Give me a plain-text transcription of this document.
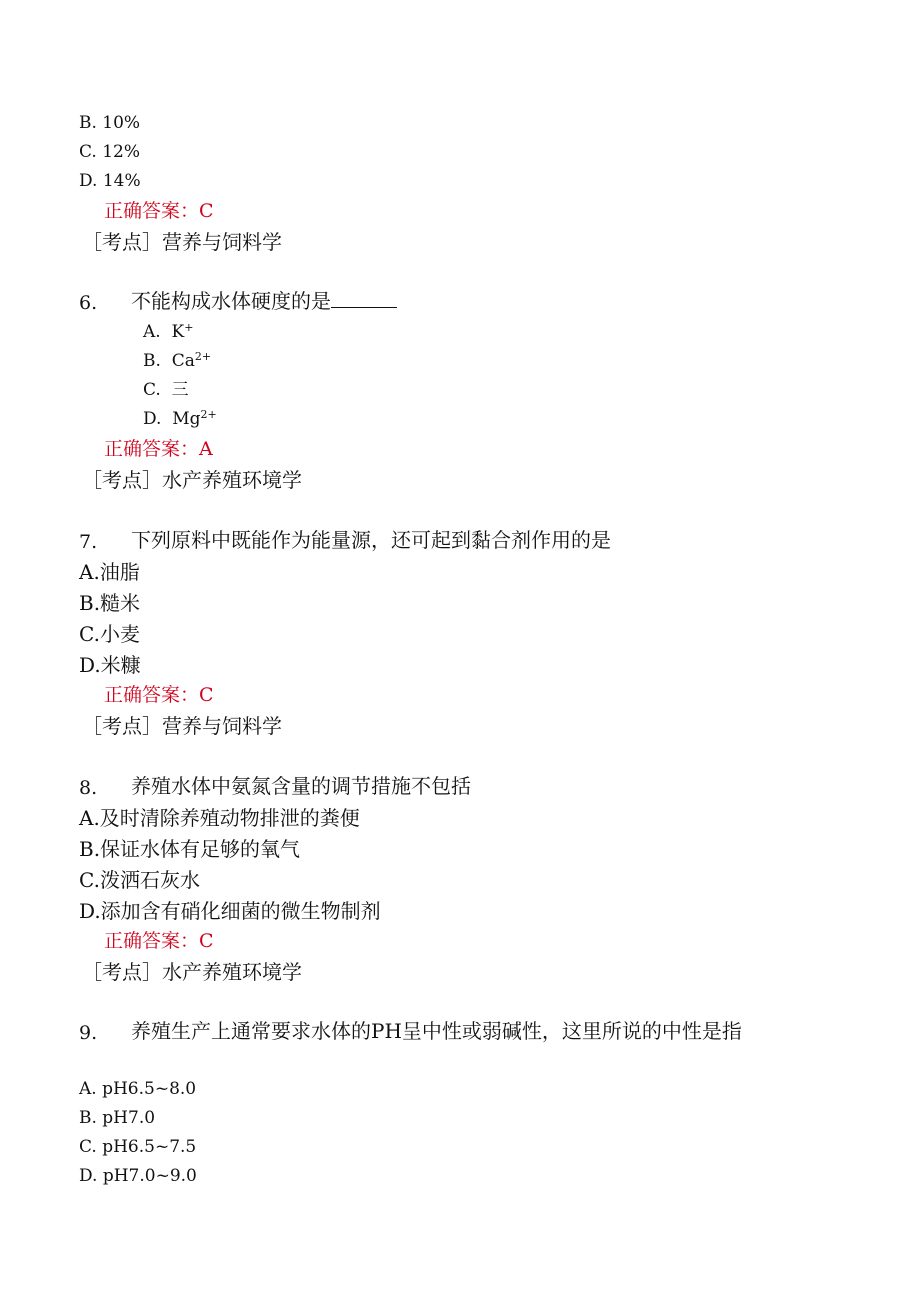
B. 10%
C. 12%
D. 14%
正确答案：C
［考点］营养与饲料学
6. 不能构成水体硬度的是
A. K+
B. $Ca^{2+}$
C. 三
D. $Mg^{2+}$
正确答案：A
［考点］水产养殖环境学
7. 下列原料中既能作为能量源，还可起到黏合剂作用的是
A.油脂
B.糙米
C.小麦
D.米糠
正确答案：C
［考点］营养与饲料学
8. 养殖水体中氨氮含量的调节措施不包括
A.及时清除养殖动物排泄的粪便
B.保证水体有足够的氧气
C.泼洒石灰水
D.添加含有硝化细菌的微生物制剂
正确答案：C
［考点］水产养殖环境学
9. 养殖生产上通常要求水体的PH呈中性或弱碱性，这里所说的中性是指
A. pH6.5~8.0
B. pH7.0
C. pH6.5~7.5
D. pH7.0~9.0
